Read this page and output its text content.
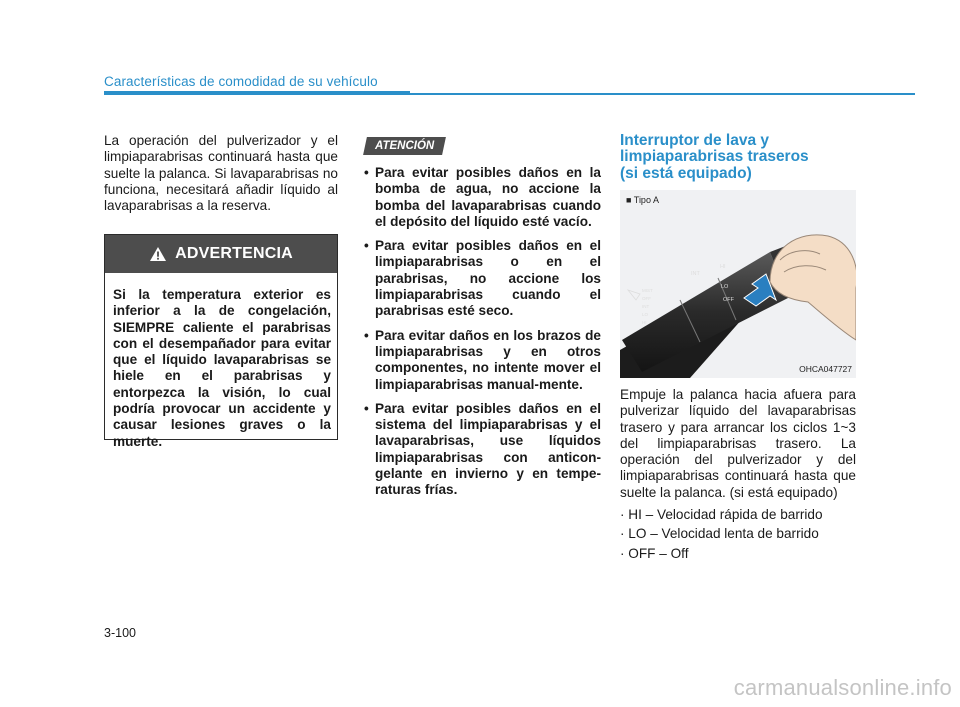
Características de comodidad de su vehículo

La operación del pulverizador y el limpiaparabrisas continuará hasta que suelte la palanca. Si lavaparabrisas no funciona, necesitará añadir líquido al lavaparabrisas a la reserva.

ADVERTENCIA
Si la temperatura exterior es inferior a la de congelación, SIEMPRE caliente el parabrisas con el desempañador para evitar que el líquido lavaparabrisas se hiele en el parabrisas y entorpezca la visión, lo cual podría provocar un accidente y causar lesiones graves o la muerte.
ATENCIÓN
• Para evitar posibles daños en la bomba de agua, no accione la bomba del lavaparabrisas cuando el depósito del líquido esté vacío.
• Para evitar posibles daños en el limpiaparabrisas o en el parabrisas, no accione los limpiaparabrisas cuando el parabrisas esté seco.
• Para evitar daños en los brazos de limpiaparabrisas y en otros componentes, no intente mover el limpiaparabrisas manual-mente.
• Para evitar posibles daños en el sistema del limpiaparabrisas y el lavaparabrisas, use líquidos limpiaparabrisas con anticon-gelante en invierno y en tempe-raturas frías.
Interruptor de lava y
limpiaparabrisas traseros
(si está equipado)
INT
HI
LO
OFF
MIST
OFF
INT
LO
HI
■ Tipo A
OHCA047727

Empuje la palanca hacia afuera para pulverizar líquido del lavaparabrisas trasero y para arrancar los ciclos 1~3 del limpiaparabrisas trasero. La operación del pulverizador y del limpiaparabrisas continuará hasta que suelte la palanca. (si está equipado)

· HI – Velocidad rápida de barrido
· LO – Velocidad lenta de barrido
· OFF – Off
3-100
carmanualsonline.info
